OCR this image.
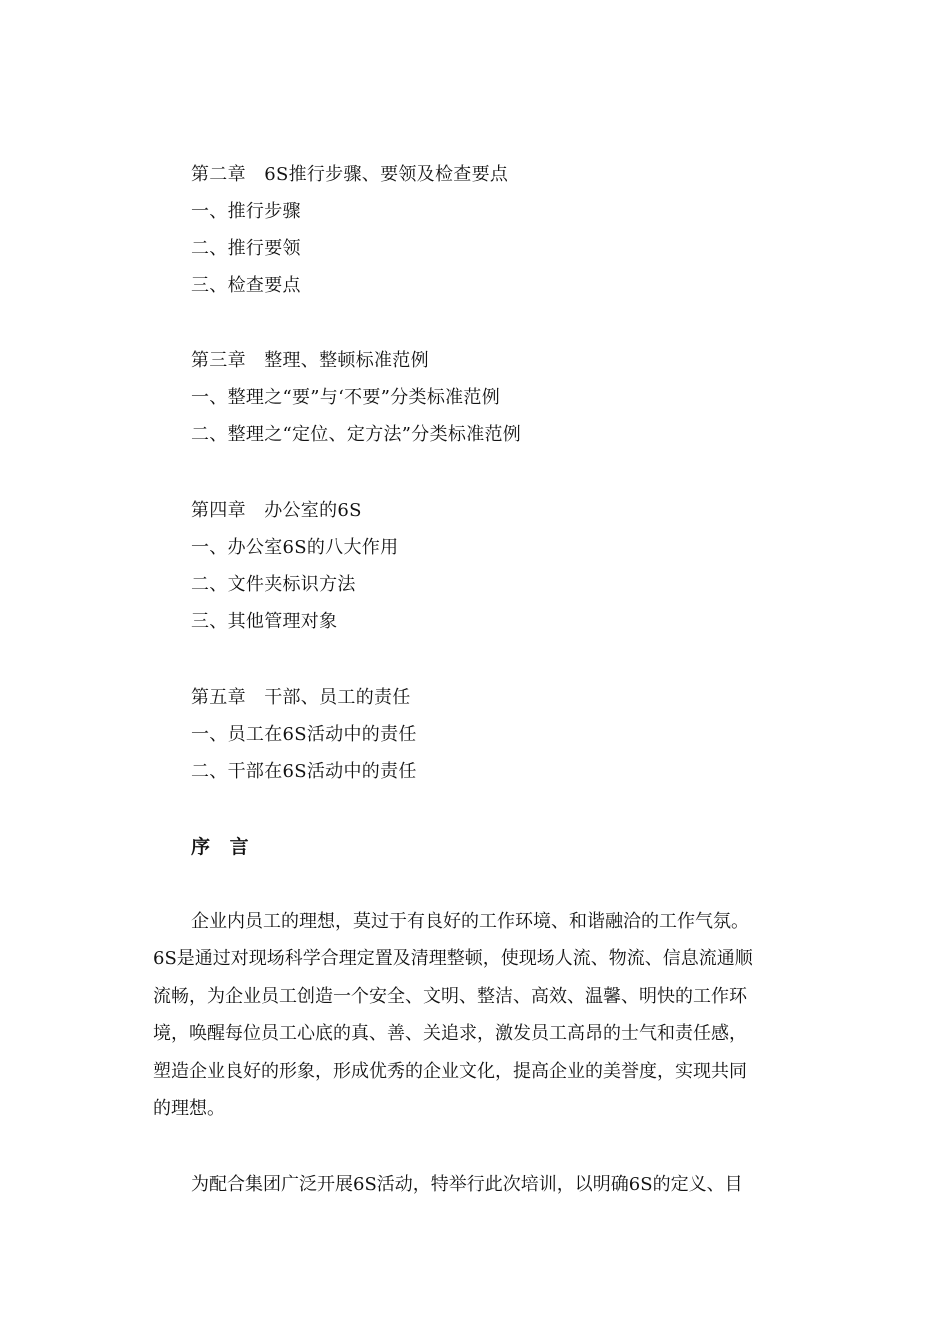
第二章　6S推行步骤、要领及检查要点
一、推行步骤
二、推行要领
三、检查要点
第三章　整理、整顿标准范例
一、整理之“要”与‘不要”分类标准范例
二、整理之“定位、定方法”分类标准范例
第四章　办公室的6S
一、办公室6S的八大作用
二、文件夹标识方法
三、其他管理对象
第五章　干部、员工的责任
一、员工在6S活动中的责任
二、干部在6S活动中的责任
序　言
企业内员工的理想，莫过于有良好的工作环境、和谐融洽的工作气氛。
6S是通过对现场科学合理定置及清理整顿，使现场人流、物流、信息流通顺
流畅，为企业员工创造一个安全、文明、整洁、高效、温馨、明快的工作环
境，唤醒每位员工心底的真、善、关追求，激发员工高昂的士气和责任感，
塑造企业良好的形象，形成优秀的企业文化，提高企业的美誉度，实现共同
的理想。
为配合集团广泛开展6S活动，特举行此次培训，以明确6S的定义、目
